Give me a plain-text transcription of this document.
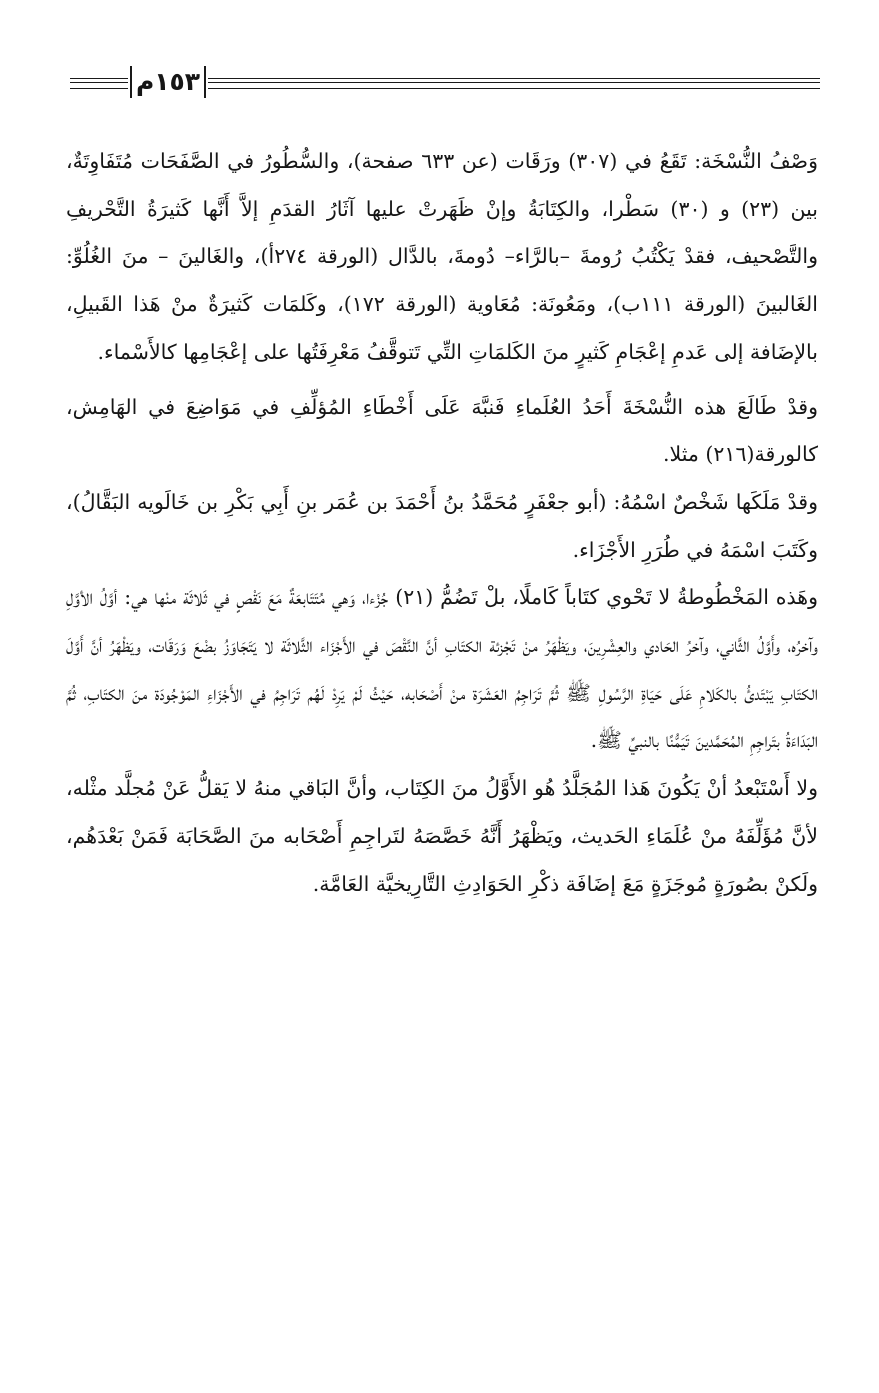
١٥٣م

وَصْفُ النُّسْخَة: تَقَعُ في (٣٠٧) ورَقَات (عن ٦٣٣ صفحة)، والسُّطُورُ في الصَّفَحَات مُتَفَاوِتَةٌ، بين (٢٣) و (٣٠) سَطْرا، والكِتَابَةُ وإنْ ظَهَرتْ عليها آثَارُ القدَمِ إلاَّ أَنَّها كَثيرَةُ التَّحْريفِ والتَّصْحيف، فقدْ يَكْتُبُ رُومةَ –بالرَّاء– دُومةَ، بالدَّال (الورقة ٢٧٤أ)، والغَالينَ – منَ الغُلُوِّ: الغَالبينَ (الورقة ١١١ب)، ومَعُونَة: مُعَاوية (الورقة ١٧٢)، وكَلمَات كَثيرَةٌ منْ هَذا القَبيلِ، بالإضَافة إلى عَدمِ إعْجَامِ كَثيرٍ منَ الكَلمَاتِ التِّي تَتوقَّفُ مَعْرِفَتُها على إعْجَامِها كالأَسْماء.

وقدْ طَالَعَ هذه النُّسْخَةَ أَحَدُ العُلَماءِ فَنبَّهَ عَلَى أَخْطَاءِ المُؤلِّفِ في مَوَاضِعَ في الهَامِش، كالورقة(٢١٦) مثلا.

وقدْ مَلَكَها شَخْصٌ اسْمُهُ: (أبو جعْفَرٍ مُحَمَّدُ بنُ أَحْمَدَ بن عُمَر بنِ أَبِي بَكْرِ بن خَالَويه البَقَّالُ)، وكَتَبَ اسْمَهُ في طُرَرِ الأَجْزَاء.

وهَذه المَخْطُوطةُ لا تَحْوي كتَاباً كَاملًا، بلْ تَضُمُّ (٢١) جُزْءا، وَهي مُتَتَابعَةٌ مَعَ نَقْصٍ في ثَلاثَة منْها هي: أوَّلُ الأوَّلِ وآخرُه، وأَوَّلُ الثَّاني، وآخرُ الحَادي والعِشْرِينَ، ويَظْهَرُ منْ تَجْزئة الكتَابِ أنَّ النَّقْصَ في الأَجْزَاء الثَّلاثَة لا يَتَجَاوَزُ بضْعَ وَرَقَات، ويَظْهَرُ أنَّ أَوَّلَ الكتَابِ يَبْتَدئُ بالكَلامِ عَلَى حَيَاةِ الرَّسُولِ ﷺ ثُمَّ تَرَاجِمُ العَشَرَة منْ أَصْحَابه، حَيْثُ لَمْ يَرِدْ لَهُم تَرَاجِمُ في الأَجْزَاءِ المَوْجُودَة منَ الكتَابِ، ثُمَّ البَدَاءَةُ بتَراجِمِ المُحَمَّدينَ تَيَمُّنًا بالنبيِّ ﷺ.

ولا أَسْتَبْعدُ أنْ يَكُونَ هَذا المُجَلَّدُ هُو الأَوَّلُ منَ الكِتَاب، وأنَّ البَاقي منهُ لا يَقلُّ عَنْ مُجلَّد مثْله، لأنَّ مُؤَلِّفَهُ منْ عُلَمَاءِ الحَديث، ويَظْهَرُ أَنَّهُ خَصَّصَهُ لتَراجِمِ أَصْحَابه منَ الصَّحَابَة فَمَنْ بَعْدَهُم، ولَكنْ بصُورَةٍ مُوجَزَةٍ مَعَ إضَافَة ذكْرِ الحَوَادِثِ التَّارِيخيَّة العَامَّة.
